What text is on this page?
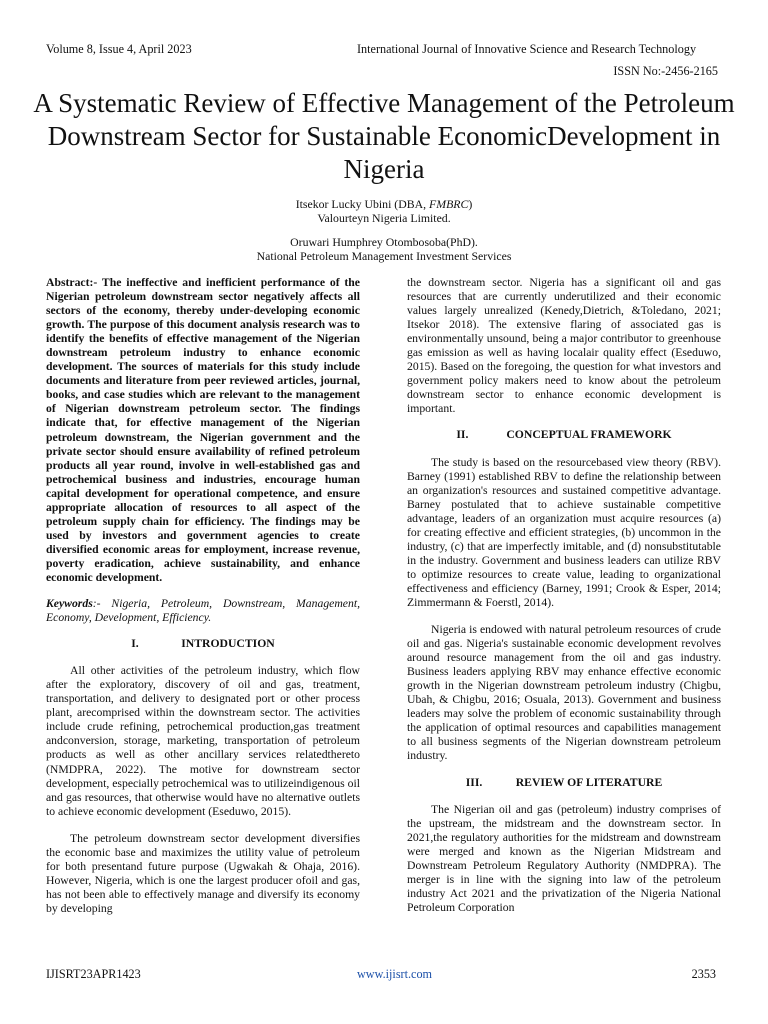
Volume 8, Issue 4, April 2023	International Journal of Innovative Science and Research Technology
ISSN No:-2456-2165
A Systematic Review of Effective Management of the Petroleum Downstream Sector for Sustainable EconomicDevelopment in Nigeria
Itsekor Lucky Ubini (DBA, FMBRC)
Valourteyn Nigeria Limited.
Oruwari Humphrey Otombosoba(PhD).
National Petroleum Management Investment Services

Abstract:- The ineffective and inefficient performance of the Nigerian petroleum downstream sector negatively affects all sectors of the economy, thereby under-developing economic growth. The purpose of this document analysis research was to identify the benefits of effective management of the Nigerian downstream petroleum industry to enhance economic development. The sources of materials for this study include documents and literature from peer reviewed articles, journal, books, and case studies which are relevant to the management of Nigerian downstream petroleum sector. The findings indicate that, for effective management of the Nigerian petroleum downstream, the Nigerian government and the private sector should ensure availability of refined petroleum products all year round, involve in well-established gas and petrochemical business and industries, encourage human capital development for operational competence, and ensure appropriate allocation of resources to all aspect of the petroleum supply chain for efficiency. The findings may be used by investors and government agencies to create diversified economic areas for employment, increase revenue, poverty eradication, achieve sustainability, and enhance economic development.

Keywords:- Nigeria, Petroleum, Downstream, Management, Economy, Development, Efficiency.

I.	INTRODUCTION

All other activities of the petroleum industry, which flow after the exploratory, discovery of oil and gas, treatment, transportation, and delivery to designated port or other process plant, arecomprised within the downstream sector. The activities include crude refining, petrochemical production,gas treatment andconversion, storage, marketing, transportation of petroleum products as well as other ancillary services relatedthereto (NMDPRA, 2022). The motive for downstream sector development, especially petrochemical was to utilizeindigenous oil and gas resources, that otherwise would have no alternative outlets to achieve economic development (Eseduwo, 2015).

The petroleum downstream sector development diversifies the economic base and maximizes the utility value of petroleum for both presentand future purpose (Ugwakah & Ohaja, 2016). However, Nigeria, which is one the largest producer ofoil and gas, has not been able to effectively manage and diversify its economy by developing

the downstream sector. Nigeria has a significant oil and gas resources that are currently underutilized and their economic values largely unrealized (Kenedy,Dietrich, &Toledano, 2021; Itsekor 2018). The extensive flaring of associated gas is environmentally unsound, being a major contributor to greenhouse gas emission as well as having localair quality effect (Eseduwo, 2015). Based on the foregoing, the question for what investors and government policy makers need to know about the petroleum downstream sector to enhance economic development is important.

II.	CONCEPTUAL FRAMEWORK

The study is based on the resourcebased view theory (RBV). Barney (1991) established RBV to define the relationship between an organization's resources and sustained competitive advantage. Barney postulated that to achieve sustainable competitive advantage, leaders of an organization must acquire resources (a) for creating effective and efficient strategies, (b) uncommon in the industry, (c) that are imperfectly imitable, and (d) nonsubstitutable in the industry. Government and business leaders can utilize RBV to optimize resources to create value, leading to organizational effectiveness and efficiency (Barney, 1991; Crook & Esper, 2014; Zimmermann & Foerstl, 2014).

Nigeria is endowed with natural petroleum resources of crude oil and gas. Nigeria's sustainable economic development revolves around resource management from the oil and gas industry. Business leaders applying RBV may enhance effective economic growth in the Nigerian downstream petroleum industry (Chigbu, Ubah, & Chigbu, 2016; Osuala, 2013). Government and business leaders may solve the problem of economic sustainability through the application of optimal resources and capabilities management to all business segments of the Nigerian downstream petroleum industry.

III.	REVIEW OF LITERATURE

The Nigerian oil and gas (petroleum) industry comprises of the upstream, the midstream and the downstream sector. In 2021,the regulatory authorities for the midstream and downstream were merged and known as the Nigerian Midstream and Downstream Petroleum Regulatory Authority (NMDPRA). The merger is in line with the signing into law of the petroleum industry Act 2021 and the privatization of the Nigeria National Petroleum Corporation

IJISRT23APR1423	www.ijisrt.com	2353
